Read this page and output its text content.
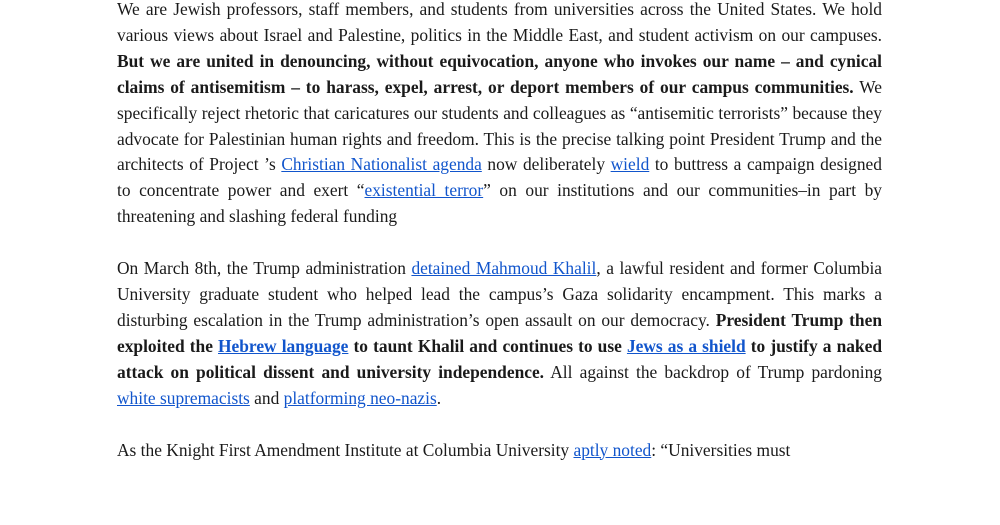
We are Jewish professors, staff members, and students from universities across the United States. We hold various views about Israel and Palestine, politics in the Middle East, and student activism on our campuses. But we are united in denouncing, without equivocation, anyone who invokes our name – and cynical claims of antisemitism – to harass, expel, arrest, or deport members of our campus communities. We specifically reject rhetoric that caricatures our students and colleagues as “antisemitic terrorists” because they advocate for Palestinian human rights and freedom. This is the precise talking point President Trump and the architects of Project ’s Christian Nationalist agenda now deliberately wield to buttress a campaign designed to concentrate power and exert “existential terror” on our institutions and our communities–in part by threatening and slashing federal funding

On March 8th, the Trump administration detained Mahmoud Khalil, a lawful resident and former Columbia University graduate student who helped lead the campus’s Gaza solidarity encampment. This marks a disturbing escalation in the Trump administration’s open assault on our democracy. President Trump then exploited the Hebrew language to taunt Khalil and continues to use Jews as a shield to justify a naked attack on political dissent and university independence. All against the backdrop of Trump pardoning white supremacists and platforming neo-nazis.

As the Knight First Amendment Institute at Columbia University aptly noted: “Universities must
